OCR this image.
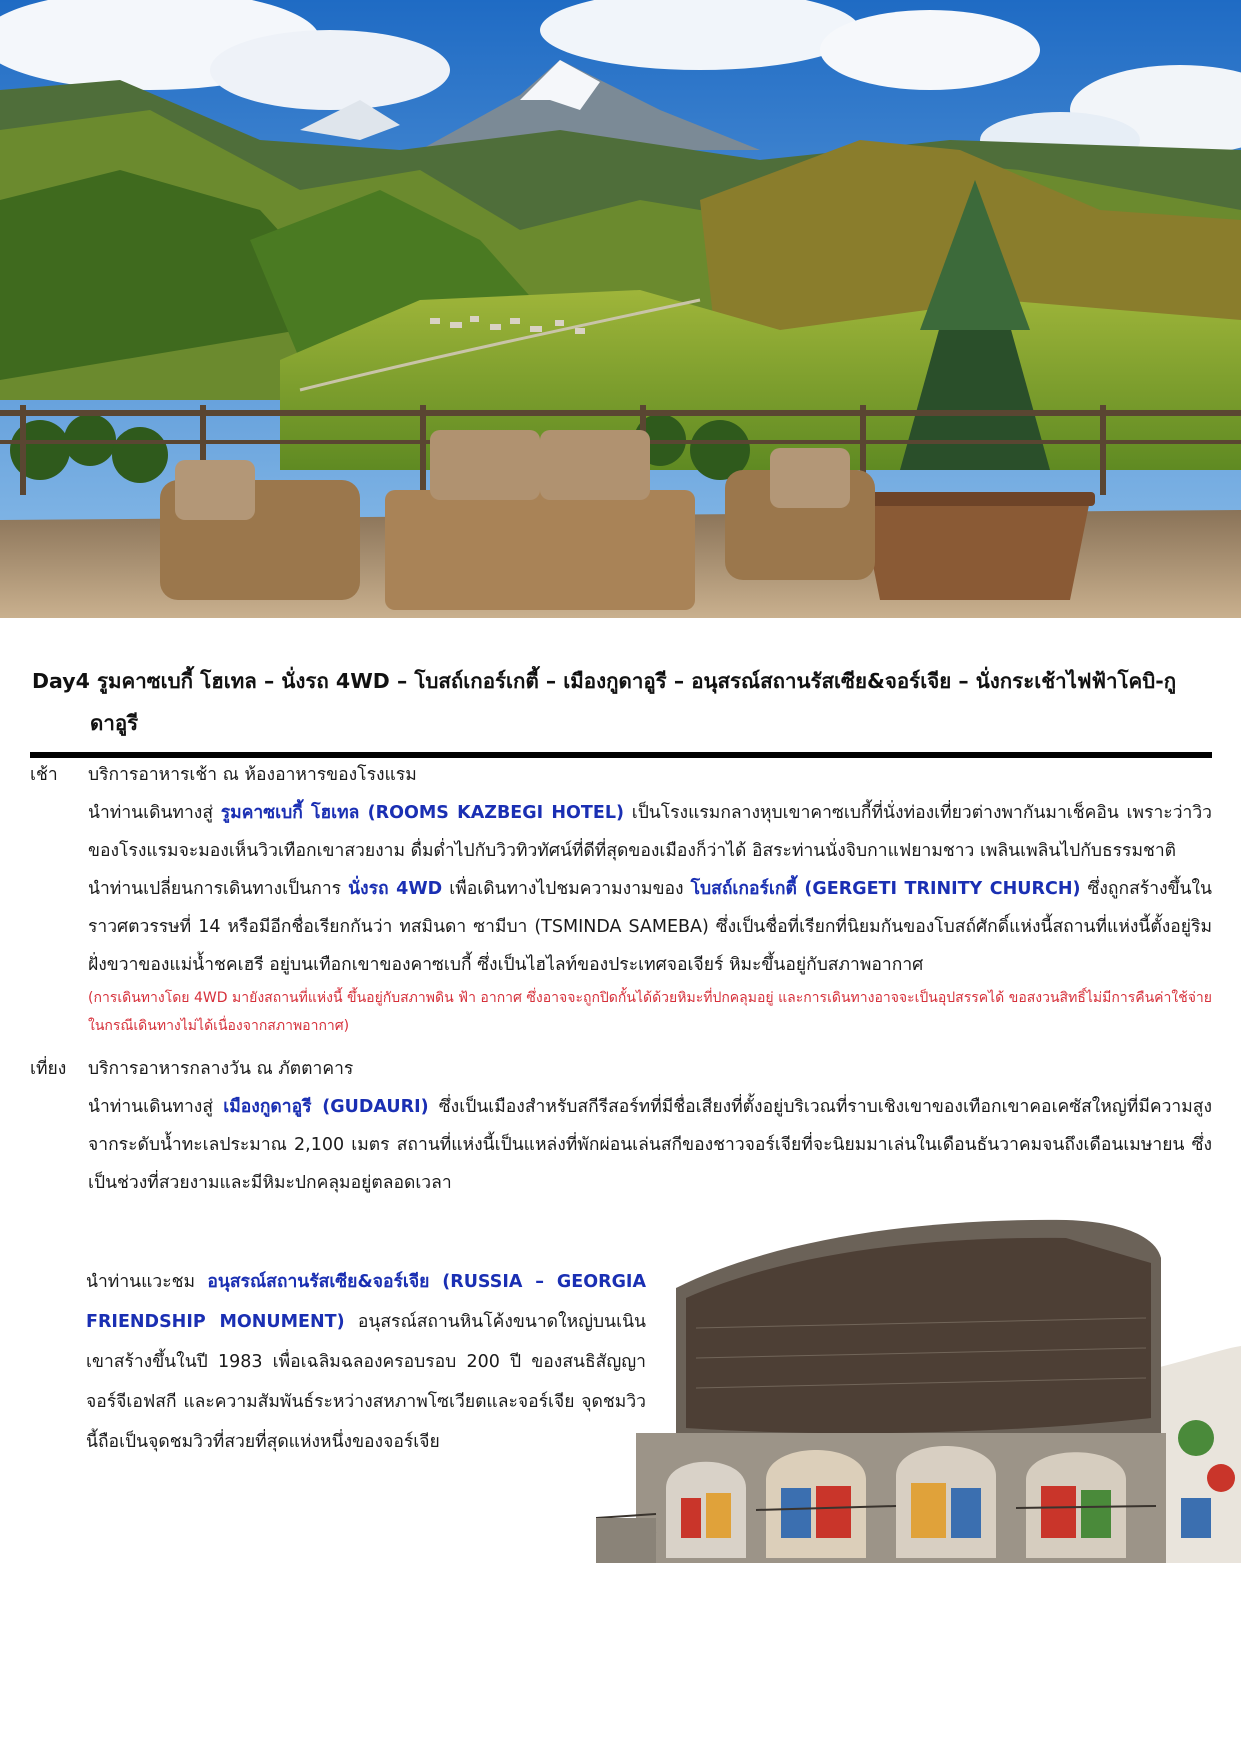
Day4 รูมคาซเบกี้ โฮเทล – นั่งรถ 4WD – โบสถ์เกอร์เกตี้ – เมืองกูดาอูรี – อนุสรณ์สถานรัสเซีย&จอร์เจีย – นั่งกระเช้าไฟฟ้าโคบิ-กู
ดาอูรี
เช้า	บริการอาหารเช้า ณ ห้องอาหารของโรงแรม

นำท่านเดินทางสู่ รูมคาซเบกี้ โฮเทล (ROOMS KAZBEGI HOTEL) เป็นโรงแรมกลางหุบเขาคาซเบกี้ที่นั่งท่องเที่ยวต่างพากันมาเช็คอิน เพราะว่าวิวของโรงแรมจะมองเห็นวิวเทือกเขาสวยงาม ดื่มด่ำไปกับวิวทิวทัศน์ที่ดีที่สุดของเมืองก็ว่าได้ อิสระท่านนั่งจิบกาแฟยามชาว เพลินเพลินไปกับธรรมชาติ

นำท่านเปลี่ยนการเดินทางเป็นการ นั่งรถ 4WD เพื่อเดินทางไปชมความงามของ โบสถ์เกอร์เกตี้ (GERGETI TRINITY CHURCH) ซึ่งถูกสร้างขึ้นในราวศตวรรษที่ 14 หรือมีอีกชื่อเรียกกันว่า ทสมินดา ซามีบา (TSMINDA SAMEBA) ซึ่งเป็นชื่อที่เรียกที่นิยมกันของโบสถ์ศักดิ์แห่งนี้สถานที่แห่งนี้ตั้งอยู่ริมฝั่งขวาของแม่น้ำชคเฮรี อยู่บนเทือกเขาของคาซเบกี้ ซึ่งเป็นไฮไลท์ของประเทศจอเจียร์ หิมะขึ้นอยู่กับสภาพอากาศ

(การเดินทางโดย 4WD มายังสถานที่แห่งนี้ ขึ้นอยู่กับสภาพดิน ฟ้า อากาศ ซึ่งอาจจะถูกปิดกั้นได้ด้วยหิมะที่ปกคลุมอยู่ และการเดินทางอาจจะเป็นอุปสรรคได้ ขอสงวนสิทธิ์ไม่มีการคืนค่าใช้จ่ายในกรณีเดินทางไม่ได้เนื่องจากสภาพอากาศ)

เที่ยง	บริการอาหารกลางวัน ณ ภัตตาคาร

นำท่านเดินทางสู่ เมืองกูดาอูรี (GUDAURI) ซึ่งเป็นเมืองสำหรับสกีรีสอร์ทที่มีชื่อเสียงที่ตั้งอยู่บริเวณที่ราบเชิงเขาของเทือกเขาคอเคซัสใหญ่ที่มีความสูงจากระดับน้ำทะเลประมาณ 2,100 เมตร สถานที่แห่งนี้เป็นแหล่งที่พักผ่อนเล่นสกีของชาวจอร์เจียที่จะนิยมมาเล่นในเดือนธันวาคมจนถึงเดือนเมษายน ซึ่งเป็นช่วงที่สวยงามและมีหิมะปกคลุมอยู่ตลอดเวลา

นำท่านแวะชม อนุสรณ์สถานรัสเซีย&จอร์เจีย (RUSSIA – GEORGIA FRIENDSHIP MONUMENT) อนุสรณ์สถานหินโค้งขนาดใหญ่บนเนินเขาสร้างขึ้นในปี 1983 เพื่อเฉลิมฉลองครอบรอบ 200 ปี ของสนธิสัญญาจอร์จีเอฟสกี และความสัมพันธ์ระหว่างสหภาพโซเวียตและจอร์เจีย จุดชมวิวนี้ถือเป็นจุดชมวิวที่สวยที่สุดแห่งหนึ่งของจอร์เจีย
